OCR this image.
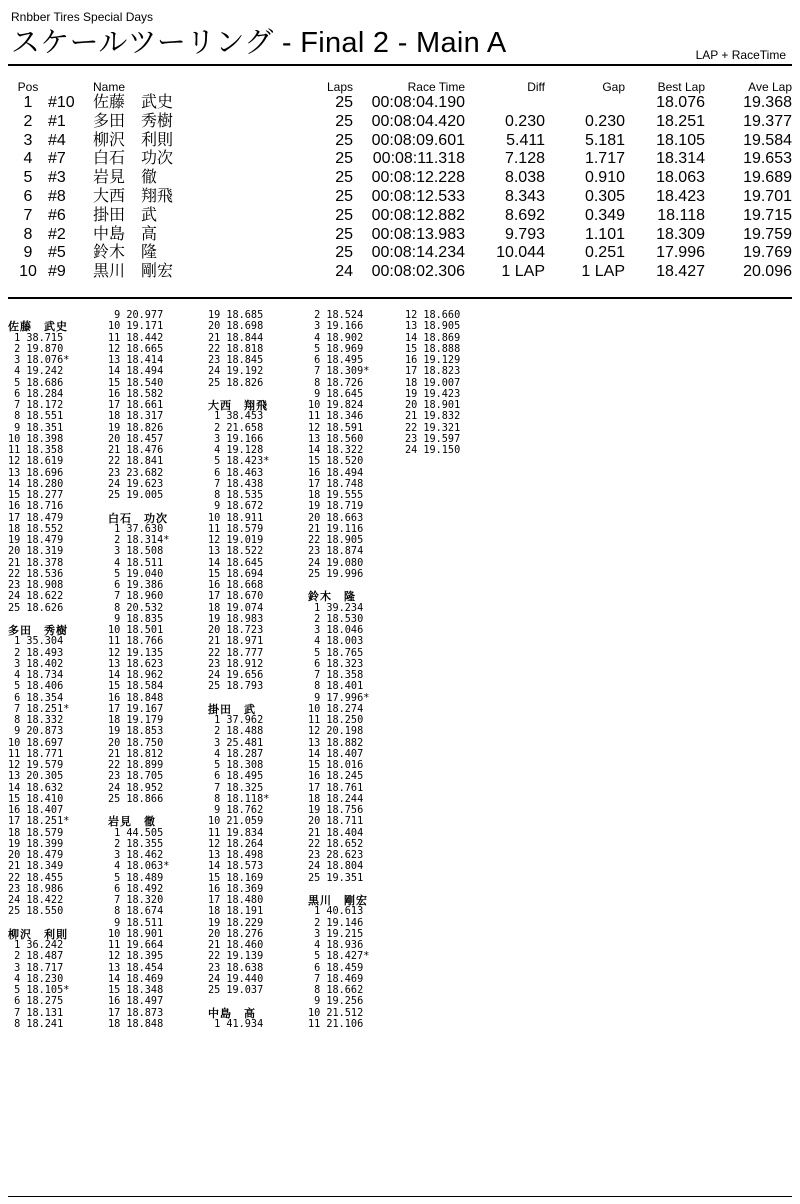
Rnbber Tires Special Days
スケールツーリング - Final 2 - Main A	LAP + RaceTime
Pos		Name	Laps	Race Time	Diff	Gap	Best Lap	Ave Lap
1	#10	佐藤　武史	25	00:08:04.190			18.076	19.368
2	#1	多田　秀樹	25	00:08:04.420	0.230	0.230	18.251	19.377
3	#4	柳沢　利則	25	00:08:09.601	5.411	5.181	18.105	19.584
4	#7	白石　功次	25	00:08:11.318	7.128	1.717	18.314	19.653
5	#3	岩見　徹	25	00:08:12.228	8.038	0.910	18.063	19.689
6	#8	大西　翔飛	25	00:08:12.533	8.343	0.305	18.423	19.701
7	#6	掛田　武	25	00:08:12.882	8.692	0.349	18.118	19.715
8	#2	中島　高	25	00:08:13.983	9.793	1.101	18.309	19.759
9	#5	鈴木　隆	25	00:08:14.234	10.044	0.251	17.996	19.769
10	#9	黒川　剛宏	24	00:08:02.306	1 LAP	1 LAP	18.427	20.096
佐藤　武史
1 38.715
2 19.870
3 18.076*
4 19.242
5 18.686
6 18.284
7 18.172
8 18.551
9 18.351
10 18.398
11 18.358
12 18.619
13 18.696
14 18.280
15 18.277
16 18.716
17 18.479
18 18.552
19 18.479
20 18.319
21 18.378
22 18.536
23 18.908
24 18.622
25 18.626
多田　秀樹
1 35.304
2 18.493
3 18.402
4 18.734
5 18.406
6 18.354
7 18.251*
8 18.332
9 20.873
10 18.697
11 18.771
12 19.579
13 20.305
14 18.632
15 18.410
16 18.407
17 18.251*
18 18.579
19 18.399
20 18.479
21 18.349
22 18.455
23 18.986
24 18.422
25 18.550
柳沢　利則
1 36.242
2 18.487
3 18.717
4 18.230
5 18.105*
6 18.275
7 18.131
8 18.241
9 20.977
10 19.171
11 18.442
12 18.665
13 18.414
14 18.494
15 18.540
16 18.582
17 18.661
18 18.317
19 18.826
20 18.457
21 18.476
22 18.841
23 23.682
24 19.623
25 19.005
白石　功次
1 37.630
2 18.314*
3 18.508
4 18.511
5 19.040
6 19.386
7 18.960
8 20.532
9 18.835
10 18.501
11 18.766
12 19.135
13 18.623
14 18.962
15 18.584
16 18.848
17 19.167
18 19.179
19 18.853
20 18.750
21 18.812
22 18.899
23 18.705
24 18.952
25 18.866
岩見　徹
1 44.505
2 18.355
3 18.462
4 18.063*
5 18.489
6 18.492
7 18.320
8 18.674
9 18.511
10 18.901
11 19.664
12 18.395
13 18.454
14 18.469
15 18.348
16 18.497
17 18.873
18 18.848
19 18.685
20 18.698
21 18.844
22 18.818
23 18.845
24 19.192
25 18.826
大西　翔飛
1 38.453
2 21.658
3 19.166
4 19.128
5 18.423*
6 18.463
7 18.438
8 18.535
9 18.672
10 18.911
11 18.579
12 19.019
13 18.522
14 18.645
15 18.694
16 18.668
17 18.670
18 19.074
19 18.983
20 18.723
21 18.971
22 18.777
23 18.912
24 19.656
25 18.793
掛田　武
1 37.962
2 18.488
3 25.481
4 18.287
5 18.308
6 18.495
7 18.325
8 18.118*
9 18.762
10 21.059
11 19.834
12 18.264
13 18.498
14 18.573
15 18.169
16 18.369
17 18.480
18 18.191
19 18.229
20 18.276
21 18.460
22 19.139
23 18.638
24 19.440
25 19.037
中島　高
1 41.934
2 18.524
3 19.166
4 18.902
5 18.969
6 18.495
7 18.309*
8 18.726
9 18.645
10 19.824
11 18.346
12 18.591
13 18.560
14 18.322
15 18.520
16 18.494
17 18.748
18 19.555
19 18.719
20 18.663
21 19.116
22 18.905
23 18.874
24 19.080
25 19.996
鈴木　隆
1 39.234
2 18.530
3 18.046
4 18.003
5 18.765
6 18.323
7 18.358
8 18.401
9 17.996*
10 18.274
11 18.250
12 20.198
13 18.882
14 18.407
15 18.016
16 18.245
17 18.761
18 18.244
19 18.756
20 18.711
21 18.404
22 18.652
23 28.623
24 18.804
25 19.351
黒川　剛宏
1 40.613
2 19.146
3 19.215
4 18.936
5 18.427*
6 18.459
7 18.469
8 18.662
9 19.256
10 21.512
11 21.106
12 18.660
13 18.905
14 18.869
15 18.888
16 19.129
17 18.823
18 19.007
19 19.423
20 18.901
21 19.832
22 19.321
23 19.597
24 19.150
